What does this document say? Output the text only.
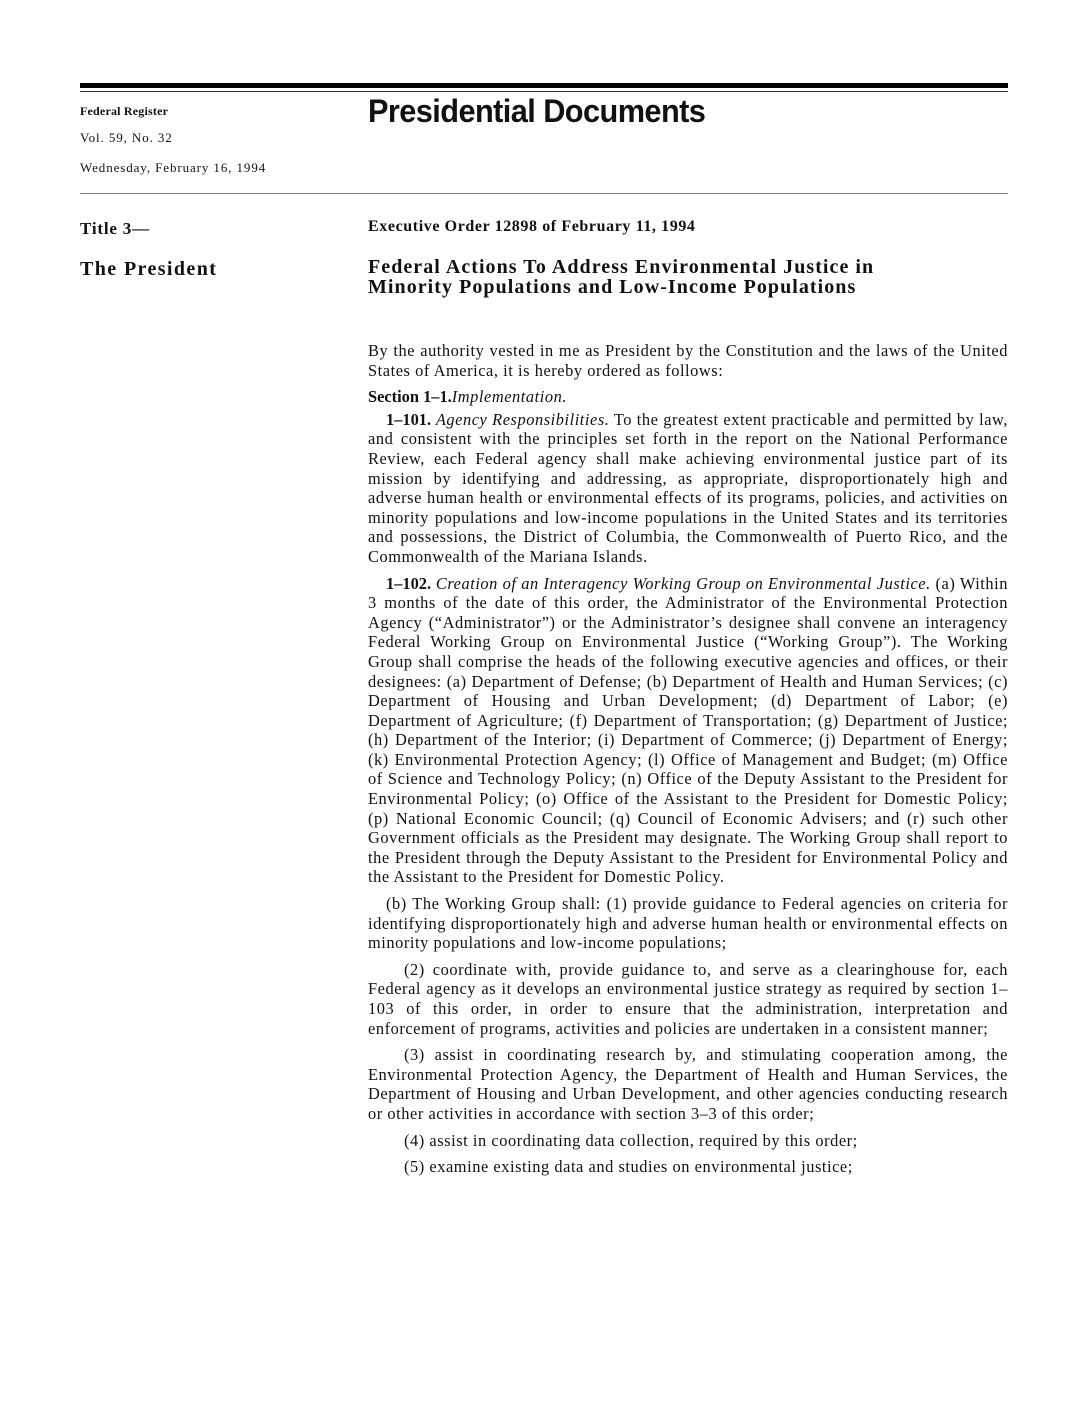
Federal Register
Vol. 59, No. 32
Wednesday, February 16, 1994
Presidential Documents
Title 3—
The President
Executive Order 12898 of February 11, 1994
Federal Actions To Address Environmental Justice in
Minority Populations and Low-Income Populations

By the authority vested in me as President by the Constitution and the laws of the United States of America, it is hereby ordered as follows:

Section 1–1.Implementation.

1–101. Agency Responsibilities. To the greatest extent practicable and permitted by law, and consistent with the principles set forth in the report on the National Performance Review, each Federal agency shall make achieving environmental justice part of its mission by identifying and addressing, as appropriate, disproportionately high and adverse human health or environmental effects of its programs, policies, and activities on minority populations and low-income populations in the United States and its territories and possessions, the District of Columbia, the Commonwealth of Puerto Rico, and the Commonwealth of the Mariana Islands.

1–102. Creation of an Interagency Working Group on Environmental Justice. (a) Within 3 months of the date of this order, the Administrator of the Environmental Protection Agency (“Administrator”) or the Administrator’s designee shall convene an interagency Federal Working Group on Environmental Justice (“Working Group”). The Working Group shall comprise the heads of the following executive agencies and offices, or their designees: (a) Department of Defense; (b) Department of Health and Human Services; (c) Department of Housing and Urban Development; (d) Department of Labor; (e) Department of Agriculture; (f) Department of Transportation; (g) Department of Justice; (h) Department of the Interior; (i) Department of Commerce; (j) Department of Energy; (k) Environmental Protection Agency; (l) Office of Management and Budget; (m) Office of Science and Technology Policy; (n) Office of the Deputy Assistant to the President for Environmental Policy; (o) Office of the Assistant to the President for Domestic Policy; (p) National Economic Council; (q) Council of Economic Advisers; and (r) such other Government officials as the President may designate. The Working Group shall report to the President through the Deputy Assistant to the President for Environmental Policy and the Assistant to the President for Domestic Policy.

(b) The Working Group shall: (1) provide guidance to Federal agencies on criteria for identifying disproportionately high and adverse human health or environmental effects on minority populations and low-income populations;

(2) coordinate with, provide guidance to, and serve as a clearinghouse for, each Federal agency as it develops an environmental justice strategy as required by section 1–103 of this order, in order to ensure that the administration, interpretation and enforcement of programs, activities and policies are undertaken in a consistent manner;

(3) assist in coordinating research by, and stimulating cooperation among, the Environmental Protection Agency, the Department of Health and Human Services, the Department of Housing and Urban Development, and other agencies conducting research or other activities in accordance with section 3–3 of this order;

(4) assist in coordinating data collection, required by this order;

(5) examine existing data and studies on environmental justice;
